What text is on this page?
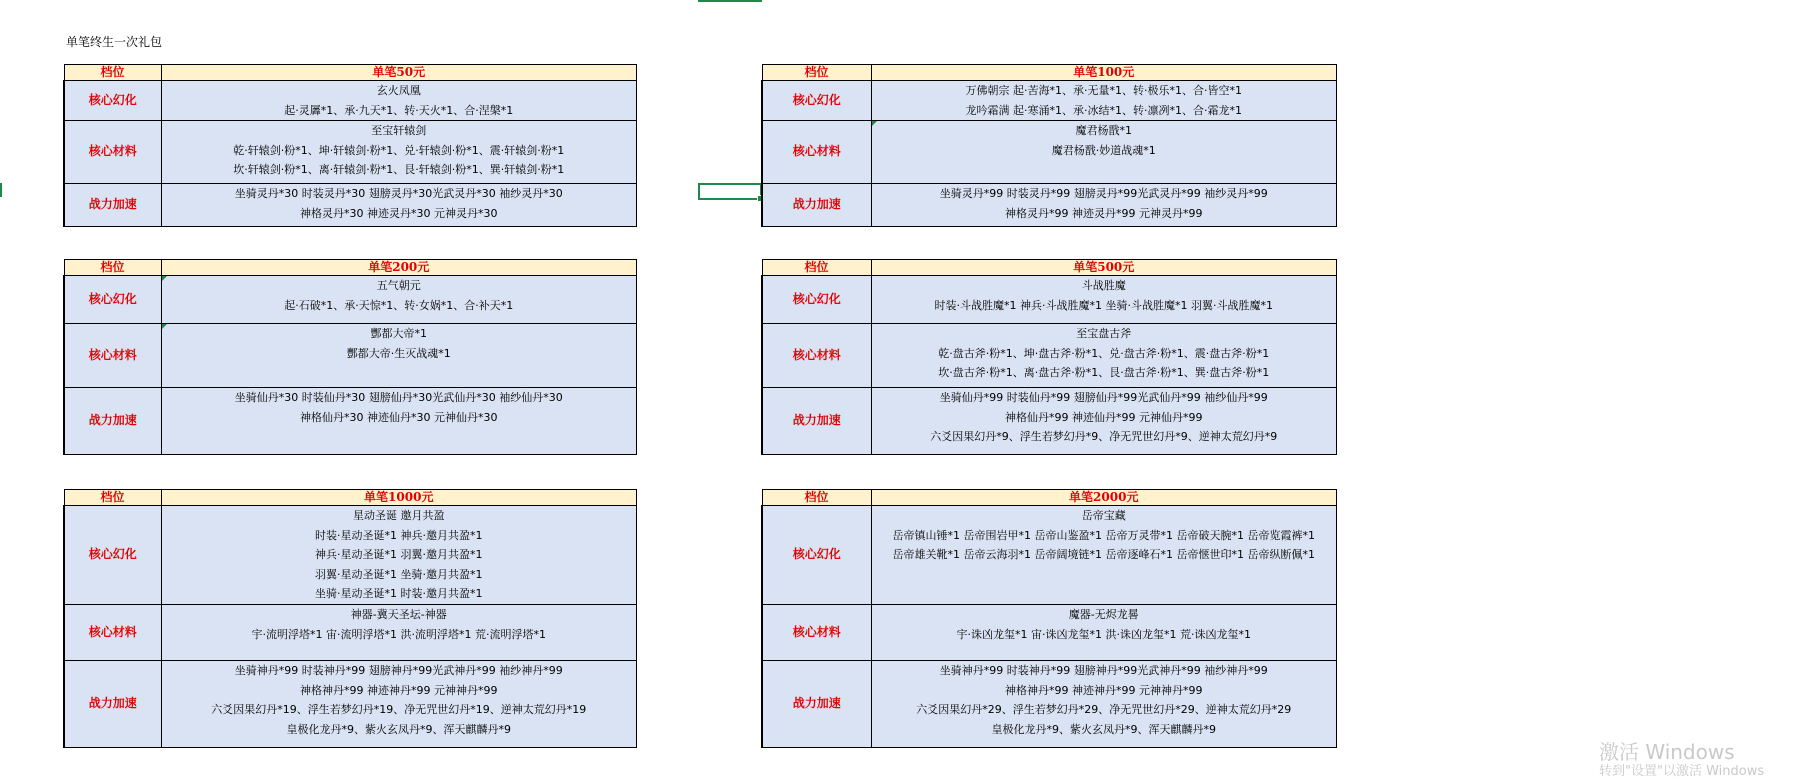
单笔终生一次礼包
档位	单笔50元
核心幻化	玄火凤凰
起·灵羼*1、承·九天*1、转·天火*1、合·涅槃*1

核心材料	至宝轩辕剑
乾·轩辕剑·粉*1、坤·轩辕剑·粉*1、兑·轩辕剑·粉*1、震·轩辕剑·粉*1
坎·轩辕剑·粉*1、离·轩辕剑·粉*1、艮·轩辕剑·粉*1、巽·轩辕剑·粉*1

战力加速	坐骑灵丹*30 时装灵丹*30 翅膀灵丹*30光武灵丹*30 袖纱灵丹*30
神格灵丹*30 神迹灵丹*30 元神灵丹*30
档位	单笔100元
核心幻化	万佛朝宗 起·苦海*1、承·无量*1、转·极乐*1、合·皆空*1
龙吟霜满 起·寒涌*1、承·冰结*1、转·凛冽*1、合·霜龙*1

核心材料	魔君杨戬*1
魔君杨戬·妙道战魂*1

战力加速	坐骑灵丹*99 时装灵丹*99 翅膀灵丹*99光武灵丹*99 袖纱灵丹*99
神格灵丹*99 神迹灵丹*99 元神灵丹*99
档位	单笔200元
核心幻化	五气朝元
起·石破*1、承·天惊*1、转·女娲*1、合·补天*1

核心材料	酆都大帝*1
酆都大帝·生灭战魂*1

战力加速	坐骑仙丹*30 时装仙丹*30 翅膀仙丹*30光武仙丹*30 袖纱仙丹*30
神格仙丹*30 神迹仙丹*30 元神仙丹*30
档位	单笔500元
核心幻化	斗战胜魔
时装·斗战胜魔*1 神兵·斗战胜魔*1 坐骑·斗战胜魔*1 羽翼·斗战胜魔*1

核心材料	至宝盘古斧
乾·盘古斧·粉*1、坤·盘古斧·粉*1、兑·盘古斧·粉*1、震·盘古斧·粉*1
坎·盘古斧·粉*1、离·盘古斧·粉*1、艮·盘古斧·粉*1、巽·盘古斧·粉*1

战力加速	坐骑仙丹*99 时装仙丹*99 翅膀仙丹*99光武仙丹*99 袖纱仙丹*99
神格仙丹*99 神迹仙丹*99 元神仙丹*99
六爻因果幻丹*9、浮生若梦幻丹*9、净无咒世幻丹*9、逆神太荒幻丹*9
档位	单笔1000元
核心幻化	星动圣诞 邀月共盈
时装·星动圣诞*1 神兵·邀月共盈*1
神兵·星动圣诞*1 羽翼·邀月共盈*1
羽翼·星动圣诞*1 坐骑·邀月共盈*1
坐骑·星动圣诞*1 时装·邀月共盈*1

核心材料	神器-冀天圣坛-神器
宇·流明浮塔*1 宙·流明浮塔*1 洪·流明浮塔*1 荒·流明浮塔*1

战力加速	坐骑神丹*99 时装神丹*99 翅膀神丹*99光武神丹*99 袖纱神丹*99
神格神丹*99 神迹神丹*99 元神神丹*99
六爻因果幻丹*19、浮生若梦幻丹*19、净无咒世幻丹*19、逆神太荒幻丹*19
皇极化龙丹*9、紫火玄凤丹*9、浑天麒麟丹*9
档位	单笔2000元
核心幻化	岳帝宝藏
岳帝镇山锤*1 岳帝围岩甲*1 岳帝山鉴盈*1 岳帝万灵带*1 岳帝破天腕*1 岳帝览霞裤*1
岳帝雄关靴*1 岳帝云海羽*1 岳帝阔境链*1 岳帝逐峰石*1 岳帝惬世印*1 岳帝纵断佩*1

核心材料	魔器-无烬龙晷
宇·诛凶龙玺*1 宙·诛凶龙玺*1 洪·诛凶龙玺*1 荒·诛凶龙玺*1

战力加速	坐骑神丹*99 时装神丹*99 翅膀神丹*99光武神丹*99 袖纱神丹*99
神格神丹*99 神迹神丹*99 元神神丹*99
六爻因果幻丹*29、浮生若梦幻丹*29、净无咒世幻丹*29、逆神太荒幻丹*29
皇极化龙丹*9、紫火玄凤丹*9、浑天麒麟丹*9
激活 Windows
转到"设置"以激活 Windows
